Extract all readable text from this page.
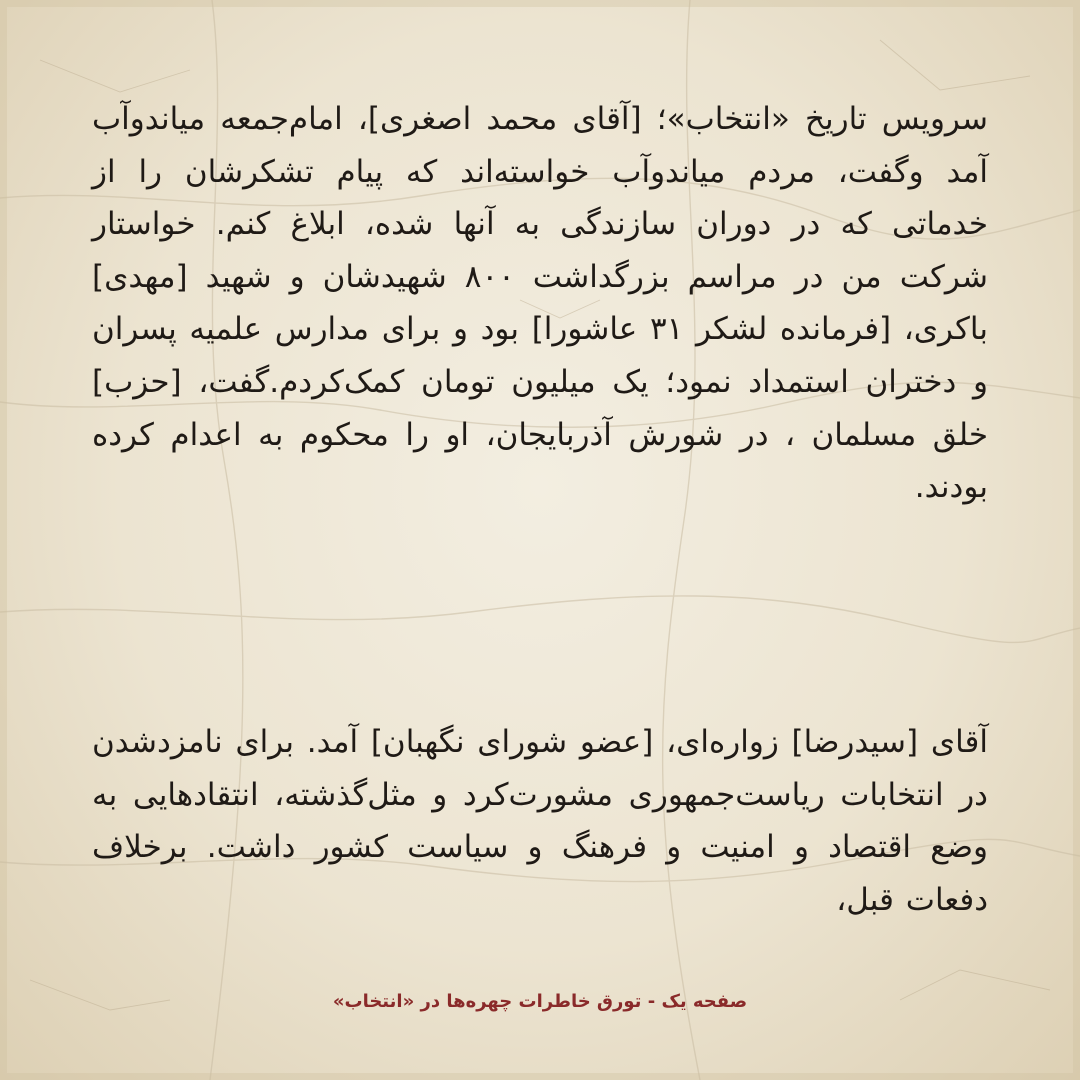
سرویس تاریخ «انتخاب»؛ [آقای محمد اصغری]، امام‌جمعه میاندوآب آمد وگفت، مردم میاندوآب خواسته‌اند که پیام تشکرشان را از خدماتی که در دوران سازندگی به آنها شده، ابلاغ کنم. خواستار شرکت من در مراسم بزرگداشت ۸۰۰ شهیدشان و شهید [مهدی] باکری، [فرمانده لشکر ۳۱ عاشورا] بود و برای مدارس علمیه پسران و دختران استمداد نمود؛ یک میلیون تومان کمک‌کردم.گفت، [حزب] خلق مسلمان ، در شورش آذربایجان، او را محکوم به اعدام کرده بودند.

آقای [سیدرضا] زواره‌ای، [عضو شورای نگهبان] آمد. برای نامزدشدن در انتخابات ریاست‌جمهوری مشورت‌کرد و مثل‌گذشته، انتقادهایی به وضع اقتصاد و امنیت و فرهنگ و سیاست کشور داشت. برخلاف دفعات قبل،

صفحه یک - تورق خاطرات چهره‌ها در «انتخاب»
